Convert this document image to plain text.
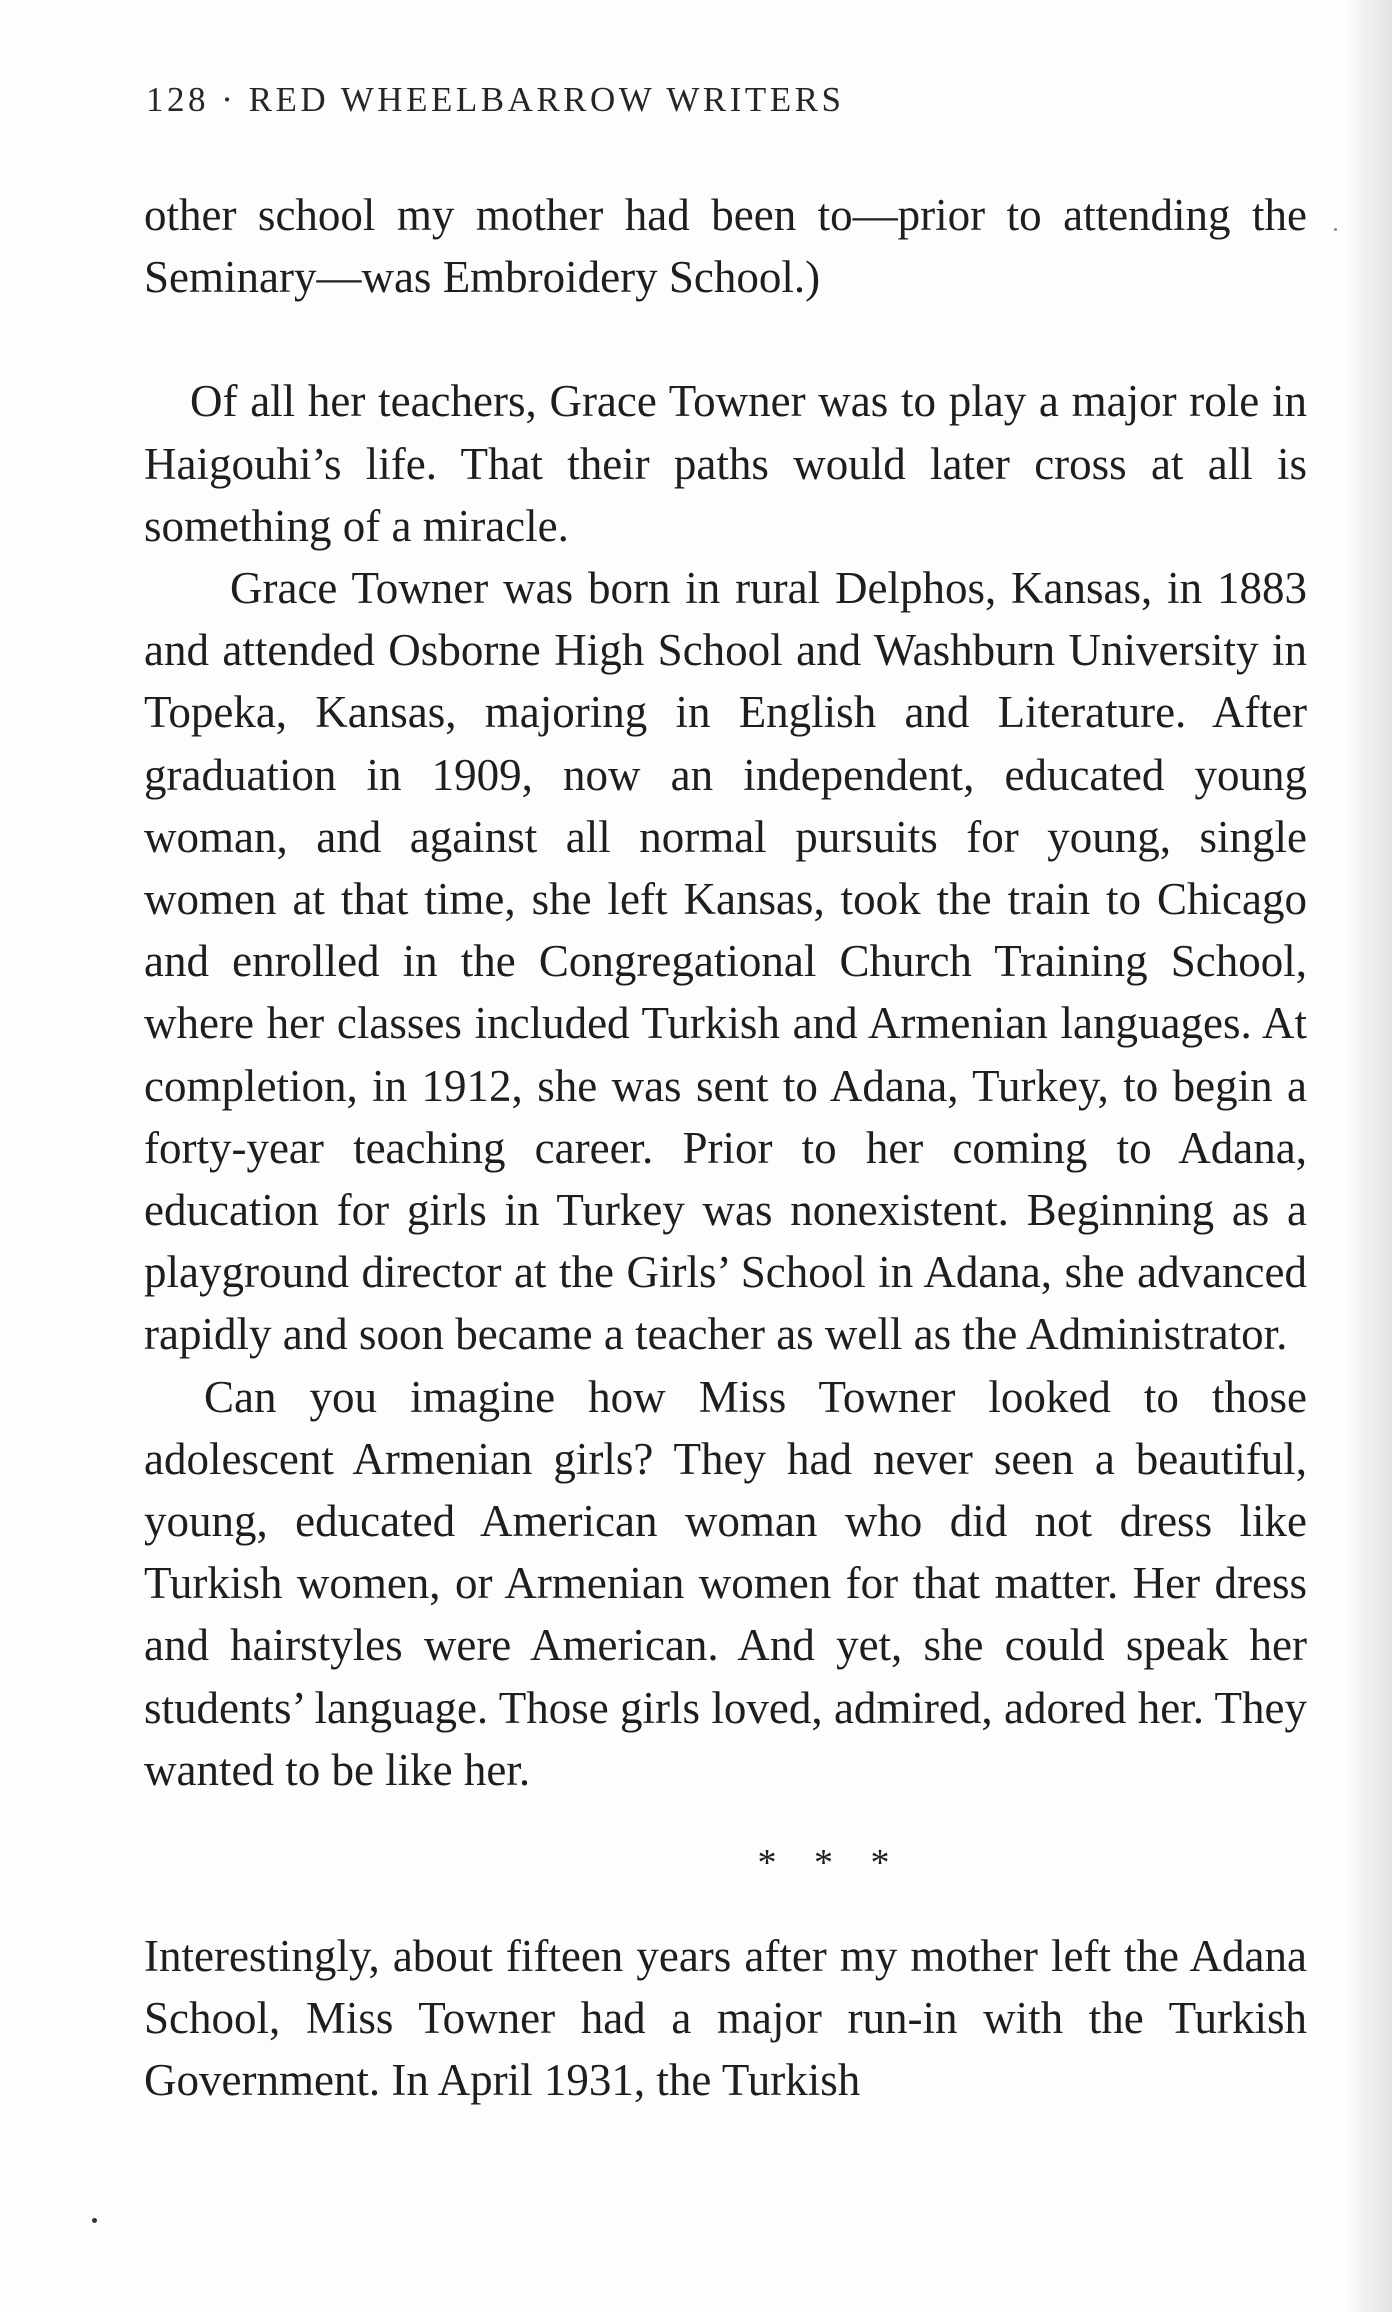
128 · RED WHEELBARROW WRITERS

other school my mother had been to—prior to attending the Seminary—was Embroidery School.)

Of all her teachers, Grace Towner was to play a major role in Haigouhi’s life. That their paths would later cross at all is something of a miracle.

Grace Towner was born in rural Delphos, Kansas, in 1883 and attended Osborne High School and Washburn University in Topeka, Kansas, majoring in English and Literature. After graduation in 1909, now an independent, educated young woman, and against all normal pursuits for young, single women at that time, she left Kansas, took the train to Chicago and enrolled in the Congregational Church Training School, where her classes included Turkish and Armenian languages. At completion, in 1912, she was sent to Adana, Turkey, to begin a forty-year teaching career. Prior to her coming to Adana, education for girls in Turkey was nonexistent. Beginning as a playground director at the Girls’ School in Adana, she advanced rapidly and soon became a teacher as well as the Administrator.

Can you imagine how Miss Towner looked to those adolescent Armenian girls? They had never seen a beautiful, young, educated American woman who did not dress like Turkish women, or Armenian women for that matter. Her dress and hairstyles were American. And yet, she could speak her students’ language. Those girls loved, admired, adored her. They wanted to be like her.

* * *

Interestingly, about fifteen years after my mother left the Adana School, Miss Towner had a major run-in with the Turkish Government. In April 1931, the Turkish
